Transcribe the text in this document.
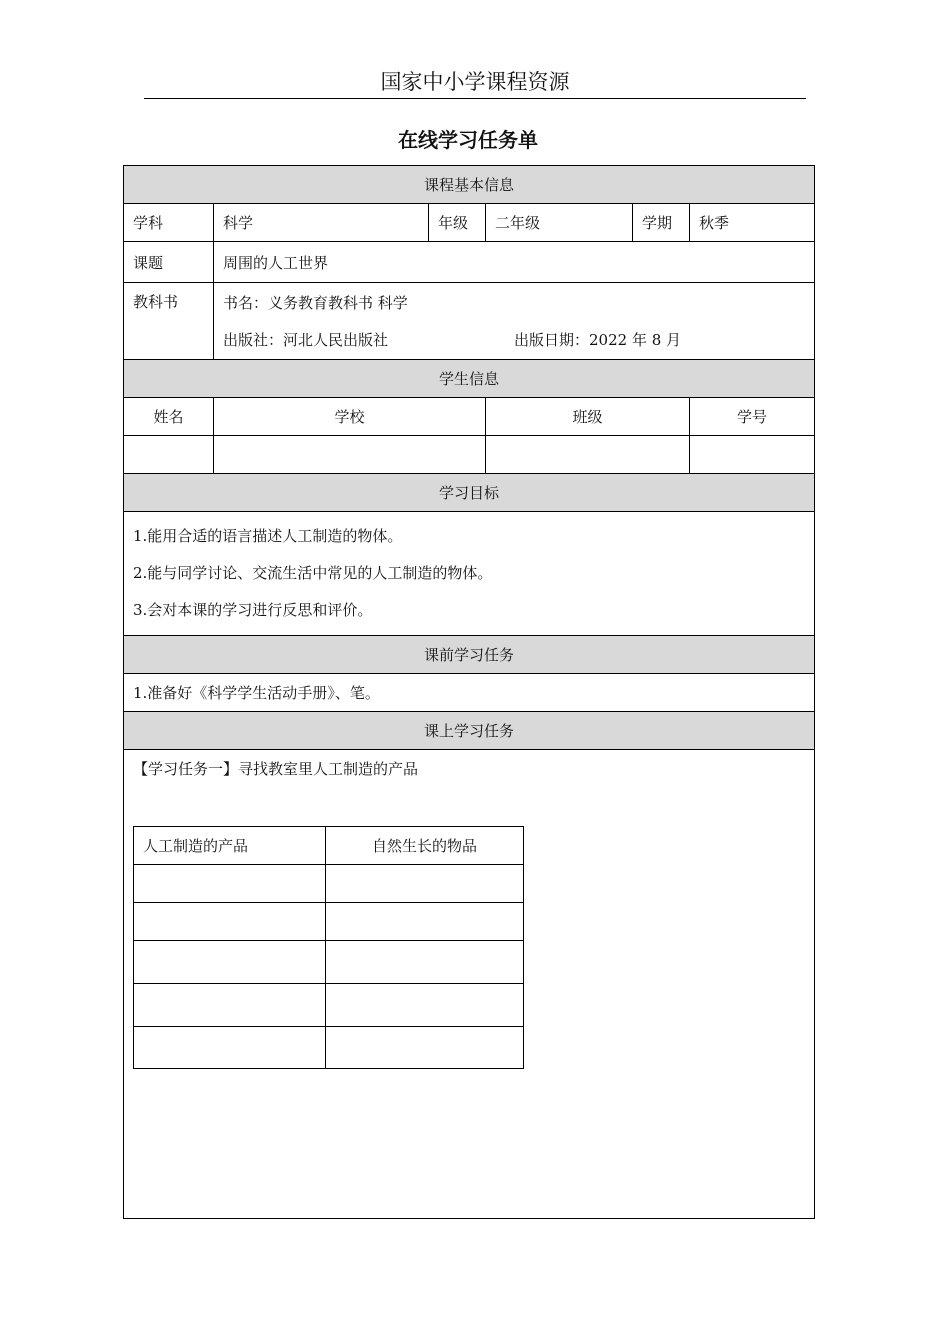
国家中小学课程资源
在线学习任务单
课程基本信息
学科	科学	年级	二年级	学期	秋季
课题	周围的人工世界
教科书	书名：义务教育教科书 科学
出版社：河北人民出版社	出版日期：2022 年 8 月

学生信息
姓名	学校	班级	学号

学习目标

1.能用合适的语言描述人工制造的物体。

2.能与同学讨论、交流生活中常见的人工制造的物体。

3.会对本课的学习进行反思和评价。

课前学习任务
1.准备好《科学学生活动手册》、笔。
课上学习任务

【学习任务一】寻找教室里人工制造的产品
人工制造的产品	自然生长的物品
